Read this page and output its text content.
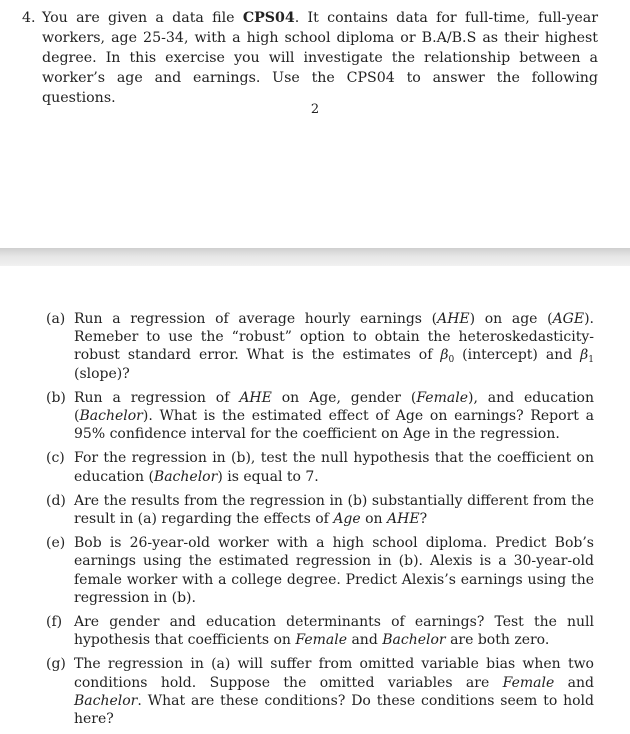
4. You are given a data file CPS04. It contains data for full-time, full-year workers, age 25-34, with a high school diploma or B.A/B.S as their highest degree. In this exercise you will investigate the relationship between a worker’s age and earnings. Use the CPS04 to answer the following questions.
2
(a) Run a regression of average hourly earnings (AHE) on age (AGE). Remeber to use the “robust” option to obtain the heteroskedasticity-robust standard error. What is the estimates of $\beta_0$ (intercept) and $\beta_1$ (slope)?
(b) Run a regression of AHE on Age, gender (Female), and education (Bachelor). What is the estimated effect of Age on earnings? Report a 95% confidence interval for the coefficient on Age in the regression.
(c) For the regression in (b), test the null hypothesis that the coefficient on education (Bachelor) is equal to 7.
(d) Are the results from the regression in (b) substantially different from the result in (a) regarding the effects of Age on AHE?
(e) Bob is 26-year-old worker with a high school diploma. Predict Bob’s earnings using the estimated regression in (b). Alexis is a 30-year-old female worker with a college degree. Predict Alexis’s earnings using the regression in (b).
(f) Are gender and education determinants of earnings? Test the null hypothesis that coefficients on Female and Bachelor are both zero.
(g) The regression in (a) will suffer from omitted variable bias when two conditions hold. Suppose the omitted variables are Female and Bachelor. What are these conditions? Do these conditions seem to hold here?
